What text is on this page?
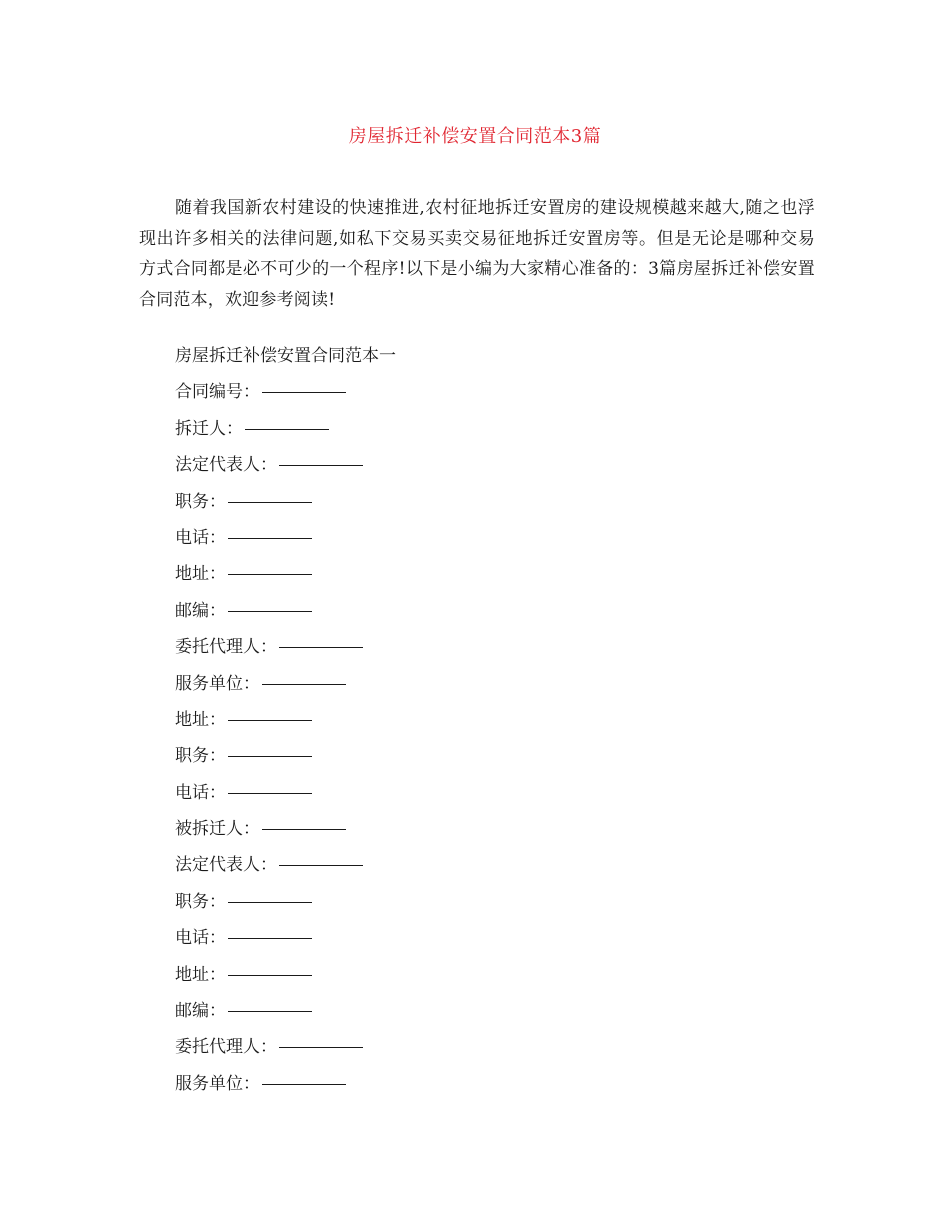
房屋拆迁补偿安置合同范本3篇

随着我国新农村建设的快速推进,农村征地拆迁安置房的建设规模越来越大,随之也浮现出许多相关的法律问题,如私下交易买卖交易征地拆迁安置房等。但是无论是哪种交易方式合同都是必不可少的一个程序!以下是小编为大家精心准备的：3篇房屋拆迁补偿安置合同范本，欢迎参考阅读!

房屋拆迁补偿安置合同范本一
合同编号：
拆迁人：
法定代表人：
职务：
电话：
地址：
邮编：
委托代理人：
服务单位：
地址：
职务：
电话：
被拆迁人：
法定代表人：
职务：
电话：
地址：
邮编：
委托代理人：
服务单位：
